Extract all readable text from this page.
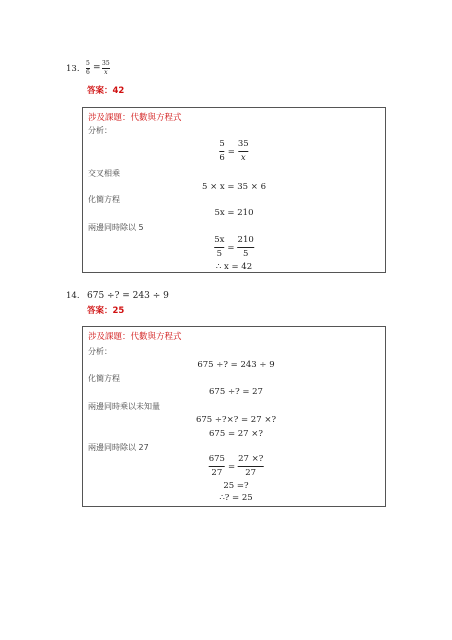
13.
5
6 = 35
x
答案：42
涉及課題：代數與方程式
分析：
5
6
=
35
x
交叉相乘
5 × x = 35 × 6
化簡方程
5x = 210
兩邊同時除以 5
5x
5
=
210
5
∴ x = 42
14. 675 ÷? = 243 ÷ 9
答案：25
涉及課題：代數與方程式
分析：
675 ÷? = 243 ÷ 9
化簡方程
675 ÷? = 27
兩邊同時乘以未知量
675 ÷?×? = 27 ×?
675 = 27 ×?
兩邊同時除以 27
675
27
=
27 ×?
27
25 =?
∴? = 25
